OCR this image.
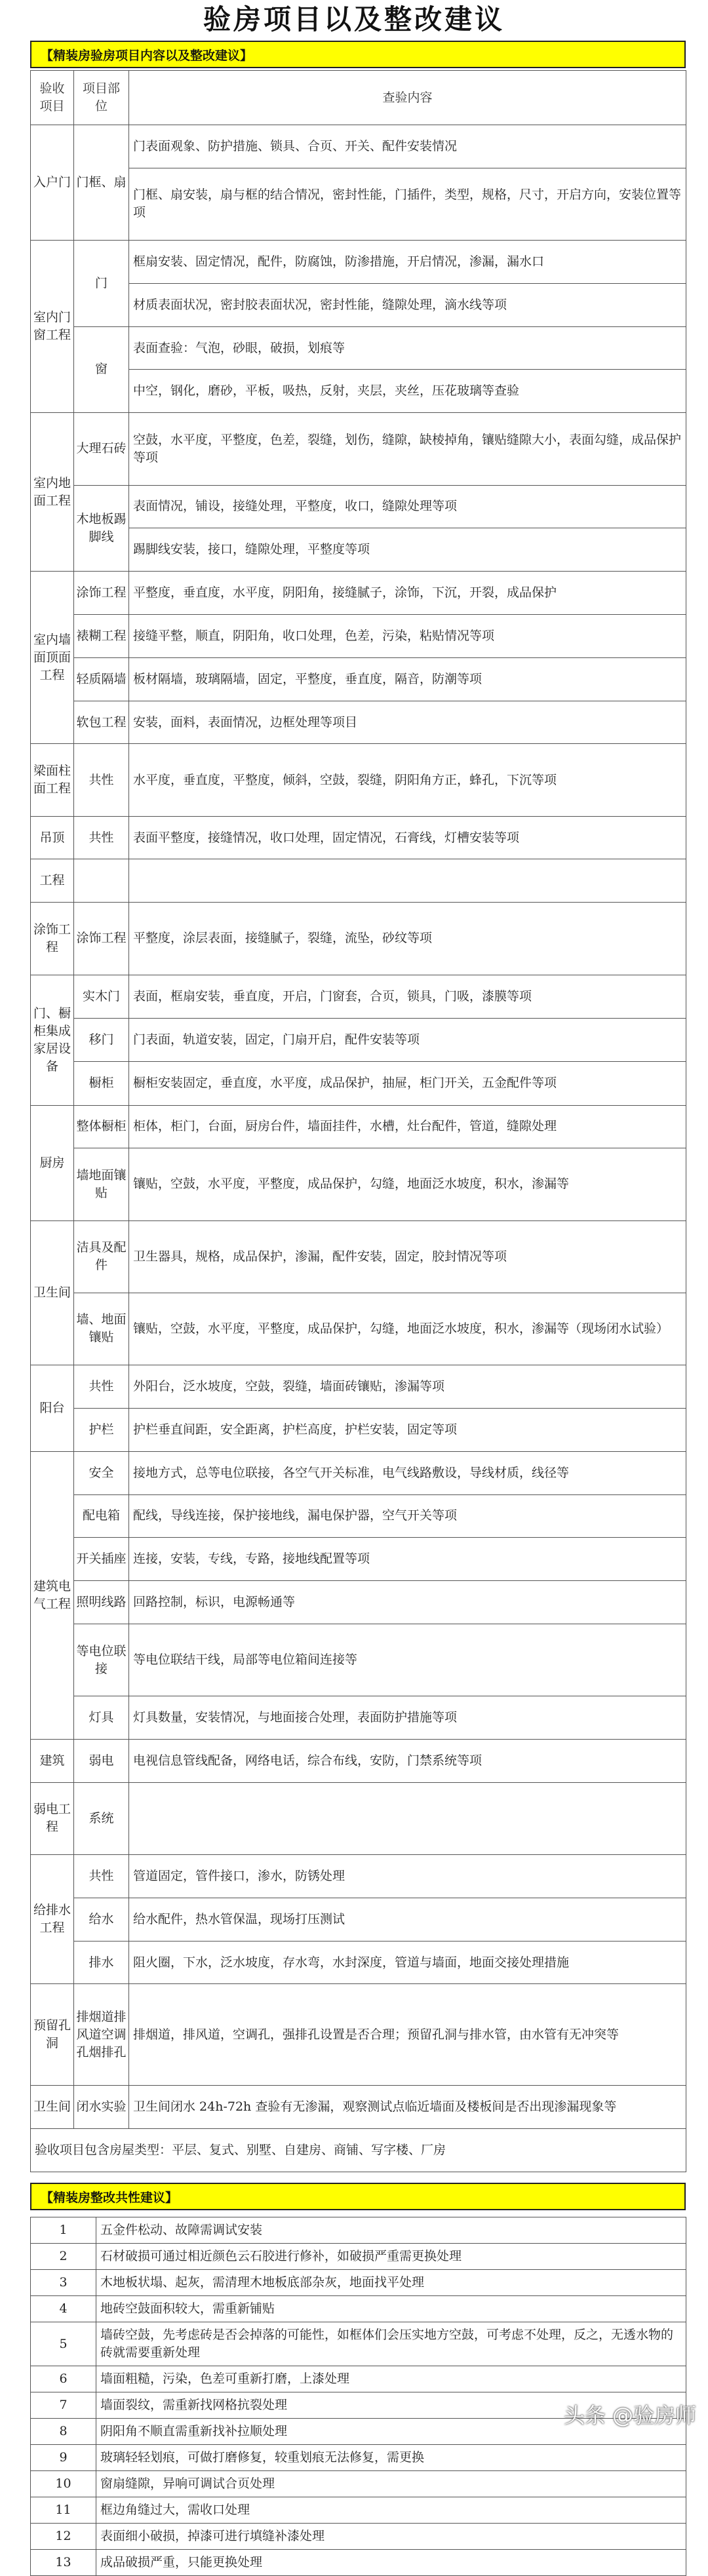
验房项目以及整改建议
【精装房验房项目内容以及整改建议】
验收项目	项目部位	查验内容
入户门	门框、扇	门表面观象、防护措施、锁具、合页、开关、配件安装情况
		门框、扇安装，扇与框的结合情况，密封性能，门插件，类型，规格，尺寸，开启方向，安装位置等项
室内门窗工程	门	框扇安装、固定情况，配件，防腐蚀，防渗措施，开启情况，渗漏，漏水口
		材质表面状况，密封胶表面状况，密封性能，缝隙处理，滴水线等项
	窗	表面查验：气泡，砂眼，破损，划痕等
		中空，钢化，磨砂，平板，吸热，反射，夹层，夹丝，压花玻璃等查验
室内地面工程	大理石砖	空鼓，水平度，平整度，色差，裂缝，划伤，缝隙，缺棱掉角，镶贴缝隙大小，表面勾缝，成品保护等项
	木地板踢脚线	表面情况，铺设，接缝处理，平整度，收口，缝隙处理等项
		踢脚线安装，接口，缝隙处理，平整度等项
室内墙面顶面工程	涂饰工程	平整度，垂直度，水平度，阴阳角，接缝腻子，涂饰，下沉，开裂，成品保护
	裱糊工程	接缝平整，顺直，阴阳角，收口处理，色差，污染，粘贴情况等项
	轻质隔墙	板材隔墙，玻璃隔墙，固定，平整度，垂直度，隔音，防潮等项
	软包工程	安装，面料，表面情况，边框处理等项目
梁面柱面工程	共性	水平度，垂直度，平整度，倾斜，空鼓，裂缝，阴阳角方正，蜂孔，下沉等项
吊顶	共性	表面平整度，接缝情况，收口处理，固定情况，石膏线，灯槽安装等项
工程		
涂饰工程	涂饰工程	平整度，涂层表面，接缝腻子，裂缝，流坠，砂纹等项
门、橱柜集成家居设备	实木门	表面，框扇安装，垂直度，开启，门窗套，合页，锁具，门吸，漆膜等项
	移门	门表面，轨道安装，固定，门扇开启，配件安装等项
	橱柜	橱柜安装固定，垂直度，水平度，成品保护，抽屉，柜门开关，五金配件等项
厨房	整体橱柜	柜体，柜门，台面，厨房台件，墙面挂件，水槽，灶台配件，管道，缝隙处理
	墙地面镶贴	镶贴，空鼓，水平度，平整度，成品保护，勾缝，地面泛水坡度，积水，渗漏等
卫生间	洁具及配件	卫生器具，规格，成品保护，渗漏，配件安装，固定，胶封情况等项
	墙、地面镶贴	镶贴，空鼓，水平度，平整度，成品保护，勾缝，地面泛水坡度，积水，渗漏等（现场闭水试验）
阳台	共性	外阳台，泛水坡度，空鼓，裂缝，墙面砖镶贴，渗漏等项
	护栏	护栏垂直间距，安全距离，护栏高度，护栏安装，固定等项
建筑电气工程	安全	接地方式，总等电位联接，各空气开关标准，电气线路敷设，导线材质，线径等
	配电箱	配线，导线连接，保护接地线，漏电保护器，空气开关等项
	开关插座	连接，安装，专线，专路，接地线配置等项
	照明线路	回路控制，标识，电源畅通等
	等电位联接	等电位联结干线，局部等电位箱间连接等
	灯具	灯具数量，安装情况，与地面接合处理，表面防护措施等项
建筑	弱电	电视信息管线配备，网络电话，综合布线，安防，门禁系统等项
弱电工程	系统	
给排水工程	共性	管道固定，管件接口，渗水，防锈处理
	给水	给水配件，热水管保温，现场打压测试
	排水	阻火圈，下水，泛水坡度，存水弯，水封深度，管道与墙面，地面交接处理措施
预留孔洞	排烟道排风道空调孔烟排孔	排烟道，排风道，空调孔，强排孔设置是否合理；预留孔洞与排水管，由水管有无冲突等
卫生间	闭水实验	卫生间闭水 24h-72h 查验有无渗漏，观察测试点临近墙面及楼板间是否出现渗漏现象等
验收项目包含房屋类型：平层、复式、别墅、自建房、商铺、写字楼、厂房		
【精装房整改共性建议】
1	五金件松动、故障需调试安装
2	石材破损可通过相近颜色云石胶进行修补，如破损严重需更换处理
3	木地板状塌、起灰，需清理木地板底部杂灰，地面找平处理
4	地砖空鼓面积较大，需重新铺贴
5	墙砖空鼓，先考虑砖是否会掉落的可能性，如框体们会压实地方空鼓，可考虑不处理，反之，无透水物的砖就需要重新处理
6	墙面粗糙，污染，色差可重新打磨，上漆处理
7	墙面裂纹，需重新找网格抗裂处理
8	阴阳角不顺直需重新找补拉顺处理
9	玻璃轻轻划痕，可做打磨修复，较重划痕无法修复，需更换
10	窗扇缝隙，异响可调试合页处理
11	框边角缝过大，需收口处理
12	表面细小破损，掉漆可进行填缝补漆处理
13	成品破损严重，只能更换处理
头条 @验房师
